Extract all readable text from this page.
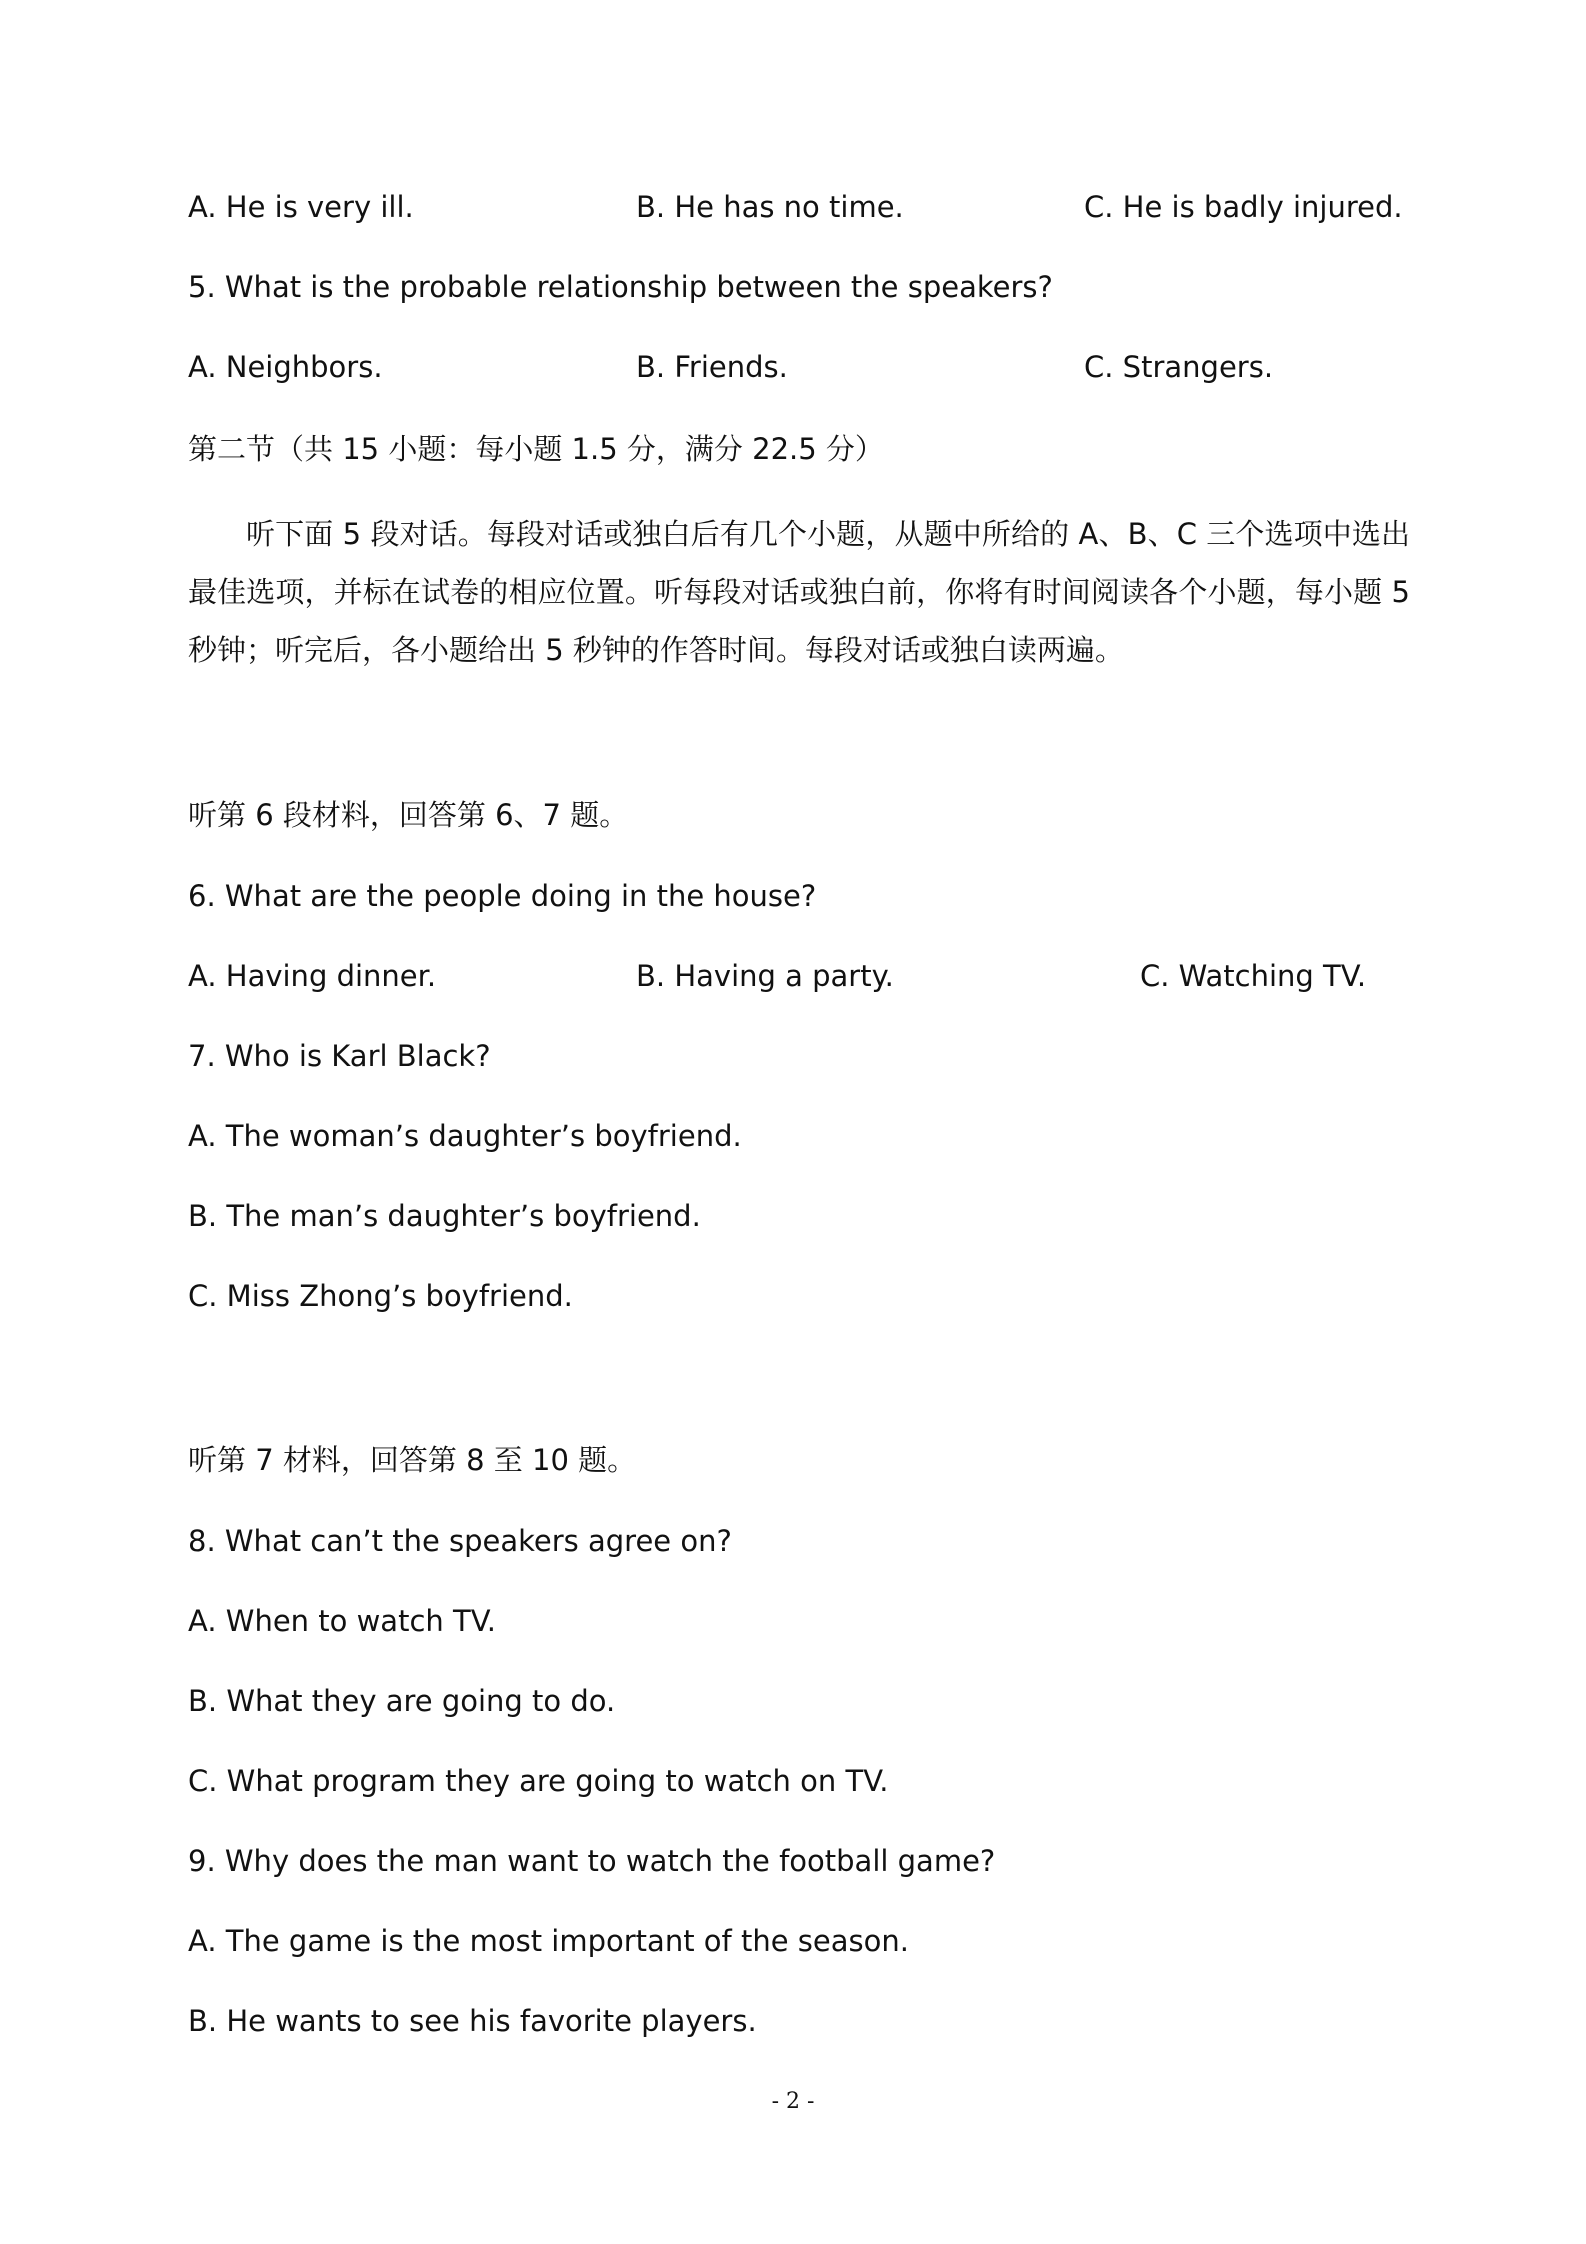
A. He is very ill.	B. He has no time.	C. He is badly injured.
5. What is the probable relationship between the speakers?
A. Neighbors.	B. Friends.	C. Strangers.
第二节（共 15 小题：每小题 1.5 分，满分 22.5 分）
听下面 5 段对话。每段对话或独白后有几个小题，从题中所给的 A、B、C 三个选项中选出最佳选项，并标在试卷的相应位置。听每段对话或独白前，你将有时间阅读各个小题，每小题 5 秒钟；听完后，各小题给出 5 秒钟的作答时间。每段对话或独白读两遍。
听第 6 段材料，回答第 6、7 题。
6. What are the people doing in the house?
A. Having dinner.	B. Having a party.	C. Watching TV.
7. Who is Karl Black?
A. The woman’s daughter’s boyfriend.
B. The man’s daughter’s boyfriend.
C. Miss Zhong’s boyfriend.
听第 7 材料，回答第 8 至 10 题。
8. What can’t the speakers agree on?
A. When to watch TV.
B. What they are going to do.
C. What program they are going to watch on TV.
9. Why does the man want to watch the football game?
A. The game is the most important of the season.
B. He wants to see his favorite players.
- 2 -
